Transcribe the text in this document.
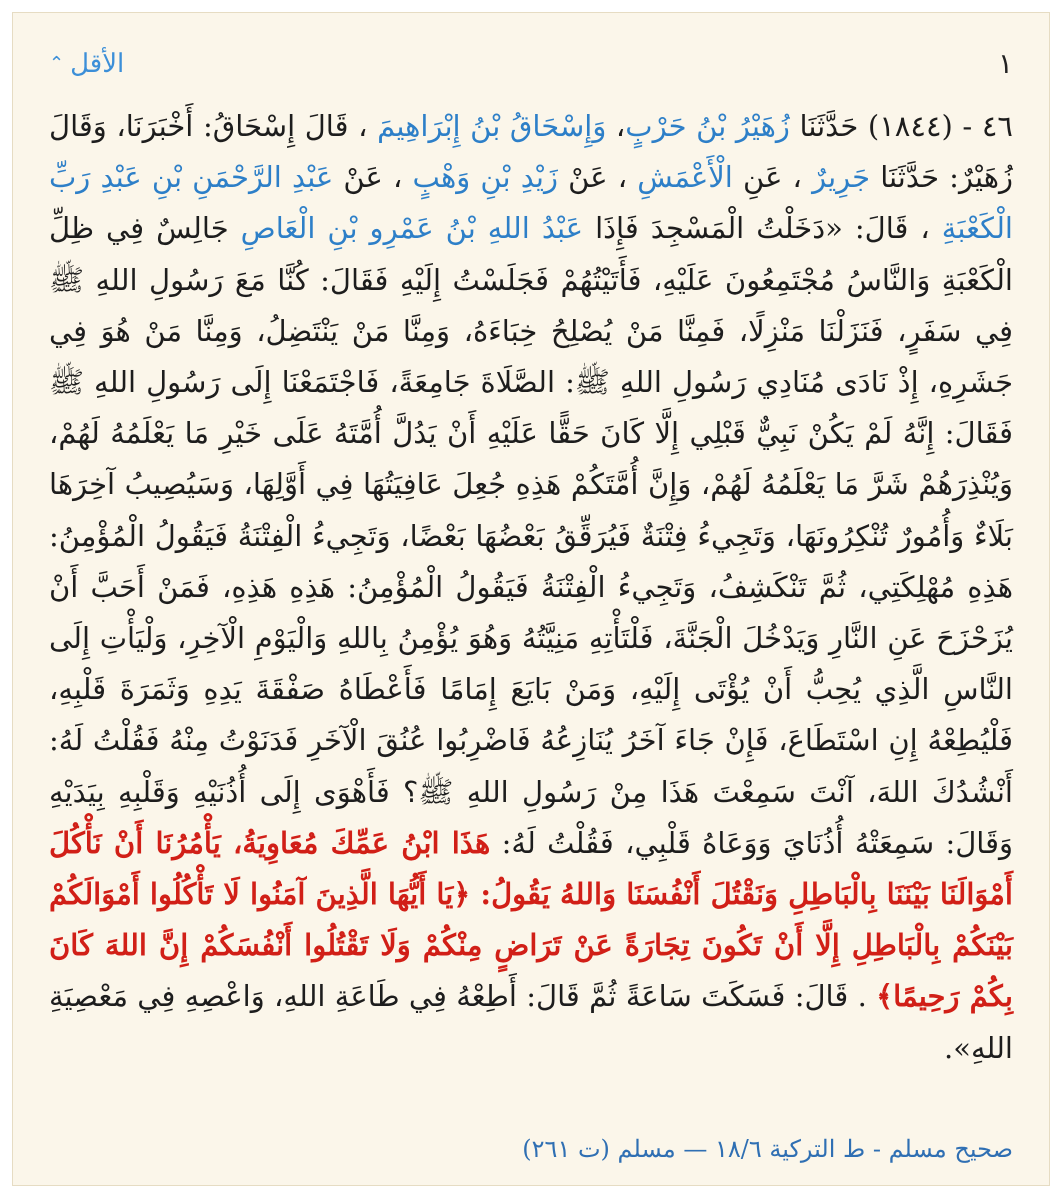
⌃ الأقل	١
٤٦ - (١٨٤٤) حَدَّثَنَا زُهَيْرُ بْنُ حَرْبٍ، وَإِسْحَاقُ بْنُ إِبْرَاهِيمَ ، قَالَ إِسْحَاقُ: أَخْبَرَنَا، وَقَالَ زُهَيْرٌ: حَدَّثَنَا جَرِيرٌ ، عَنِ الْأَعْمَشِ ، عَنْ زَيْدِ بْنِ وَهْبٍ ، عَنْ عَبْدِ الرَّحْمَنِ بْنِ عَبْدِ رَبِّ الْكَعْبَةِ ، قَالَ: «دَخَلْتُ الْمَسْجِدَ فَإِذَا عَبْدُ اللهِ بْنُ عَمْرِو بْنِ الْعَاصِ جَالِسٌ فِي ظِلِّ الْكَعْبَةِ وَالنَّاسُ مُجْتَمِعُونَ عَلَيْهِ، فَأَتَيْتُهُمْ فَجَلَسْتُ إِلَيْهِ فَقَالَ: كُنَّا مَعَ رَسُولِ اللهِ ﷺ فِي سَفَرٍ، فَنَزَلْنَا مَنْزِلًا، فَمِنَّا مَنْ يُصْلِحُ خِبَاءَهُ، وَمِنَّا مَنْ يَنْتَضِلُ، وَمِنَّا مَنْ هُوَ فِي جَشَرِهِ، إِذْ نَادَى مُنَادِي رَسُولِ اللهِ ﷺ: الصَّلَاةَ جَامِعَةً، فَاجْتَمَعْنَا إِلَى رَسُولِ اللهِ ﷺ فَقَالَ: إِنَّهُ لَمْ يَكُنْ نَبِيٌّ قَبْلِي إِلَّا كَانَ حَقًّا عَلَيْهِ أَنْ يَدُلَّ أُمَّتَهُ عَلَى خَيْرِ مَا يَعْلَمُهُ لَهُمْ، وَيُنْذِرَهُمْ شَرَّ مَا يَعْلَمُهُ لَهُمْ، وَإِنَّ أُمَّتَكُمْ هَذِهِ جُعِلَ عَافِيَتُهَا فِي أَوَّلِهَا، وَسَيُصِيبُ آخِرَهَا بَلَاءٌ وَأُمُورٌ تُنْكِرُونَهَا، وَتَجِيءُ فِتْنَةٌ فَيُرَقِّقُ بَعْضُهَا بَعْضًا، وَتَجِيءُ الْفِتْنَةُ فَيَقُولُ الْمُؤْمِنُ: هَذِهِ مُهْلِكَتِي، ثُمَّ تَنْكَشِفُ، وَتَجِيءُ الْفِتْنَةُ فَيَقُولُ الْمُؤْمِنُ: هَذِهِ هَذِهِ، فَمَنْ أَحَبَّ أَنْ يُزَحْزَحَ عَنِ النَّارِ وَيَدْخُلَ الْجَنَّةَ، فَلْتَأْتِهِ مَنِيَّتُهُ وَهُوَ يُؤْمِنُ بِاللهِ وَالْيَوْمِ الْآخِرِ، وَلْيَأْتِ إِلَى النَّاسِ الَّذِي يُحِبُّ أَنْ يُؤْتَى إِلَيْهِ، وَمَنْ بَايَعَ إِمَامًا فَأَعْطَاهُ صَفْقَةَ يَدِهِ وَثَمَرَةَ قَلْبِهِ، فَلْيُطِعْهُ إِنِ اسْتَطَاعَ، فَإِنْ جَاءَ آخَرُ يُنَازِعُهُ فَاضْرِبُوا عُنُقَ الْآخَرِ فَدَنَوْتُ مِنْهُ فَقُلْتُ لَهُ: أَنْشُدُكَ اللهَ، آنْتَ سَمِعْتَ هَذَا مِنْ رَسُولِ اللهِ ﷺ؟ فَأَهْوَى إِلَى أُذُنَيْهِ وَقَلْبِهِ بِيَدَيْهِ وَقَالَ: سَمِعَتْهُ أُذُنَايَ وَوَعَاهُ قَلْبِي، فَقُلْتُ لَهُ: هَذَا ابْنُ عَمِّكَ مُعَاوِيَةُ، يَأْمُرُنَا أَنْ نَأْكُلَ أَمْوَالَنَا بَيْنَنَا بِالْبَاطِلِ وَنَقْتُلَ أَنْفُسَنَا وَاللهُ يَقُولُ: ﴿يَا أَيُّهَا الَّذِينَ آمَنُوا لَا تَأْكُلُوا أَمْوَالَكُمْ بَيْنَكُمْ بِالْبَاطِلِ إِلَّا أَنْ تَكُونَ تِجَارَةً عَنْ تَرَاضٍ مِنْكُمْ وَلَا تَقْتُلُوا أَنْفُسَكُمْ إِنَّ اللهَ كَانَ بِكُمْ رَحِيمًا﴾ . قَالَ: فَسَكَتَ سَاعَةً ثُمَّ قَالَ: أَطِعْهُ فِي طَاعَةِ اللهِ، وَاعْصِهِ فِي مَعْصِيَةِ اللهِ».
صحيح مسلم - ط التركية ١٨/٦ — مسلم (ت ٢٦١)
